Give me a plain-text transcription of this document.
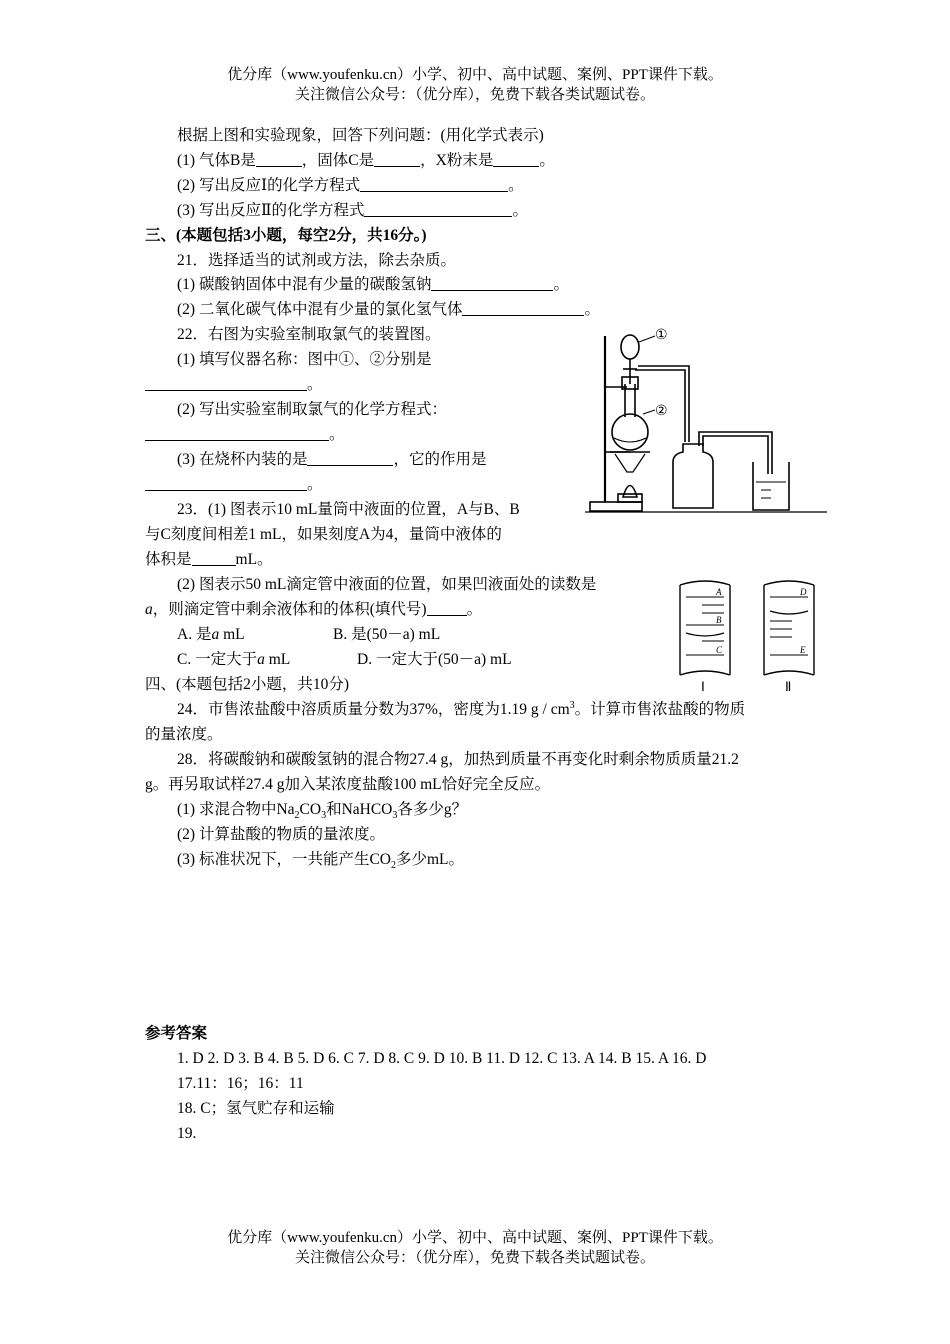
优分库（www.youfenku.cn）小学、初中、高中试题、案例、PPT课件下载。
关注微信公众号：（优分库），免费下载各类试题试卷。
根据上图和实验现象，回答下列问题：(用化学式表示)
(1) 气体B是	，固体C是	，X粉末是	。
(2) 写出反应Ⅰ的化学方程式	。
(3) 写出反应Ⅱ的化学方程式	。
三、(本题包括3小题，每空2分，共16分。)
21．选择适当的试剂或方法，除去杂质。
(1) 碳酸钠固体中混有少量的碳酸氢钠	。
(2) 二氧化碳气体中混有少量的氯化氢气体	。
22．右图为实验室制取氯气的装置图。
(1) 填写仪器名称：图中①、②分别是
。
(2) 写出实验室制取氯气的化学方程式：
。
(3) 在烧杯内装的是	，它的作用是
。
①
②
23．(1) 图表示10 mL量筒中液面的位置，A与B、B
与C刻度间相差1 mL，如果刻度A为4，量筒中液体的
体积是	mL。
(2) 图表示50 mL滴定管中液面的位置，如果凹液面处的读数是
a，则滴定管中剩余液体和的体积(填代号)	。
A. 是a mL	B. 是(50－a) mL
C. 一定大于a mL	D. 一定大于(50－a) mL
A
B
C
D
E
Ⅰ	Ⅱ
四、(本题包括2小题，共10分)
24．市售浓盐酸中溶质质量分数为37%，密度为1.19 g / $cm^3$。计算市售浓盐酸的物质
的量浓度。
28．将碳酸钠和碳酸氢钠的混合物27.4 g，加热到质量不再变化时剩余物质质量21.2
g。再另取试样27.4 g加入某浓度盐酸100 mL恰好完全反应。
(1) 求混合物中$Na_2CO_3$和NaHCO$_3$各多少g？
(2) 计算盐酸的物质的量浓度。
(3) 标准状况下，一共能产生$CO_2$多少mL。
参考答案
1. D 2. D 3. B 4. B 5. D 6. C 7. D 8. C 9. D 10. B 11. D 12. C 13. A 14. B 15. A 16. D
17.11：16；16：11
18. C；氢气贮存和运输
19.
优分库（www.youfenku.cn）小学、初中、高中试题、案例、PPT课件下载。
关注微信公众号：（优分库），免费下载各类试题试卷。
